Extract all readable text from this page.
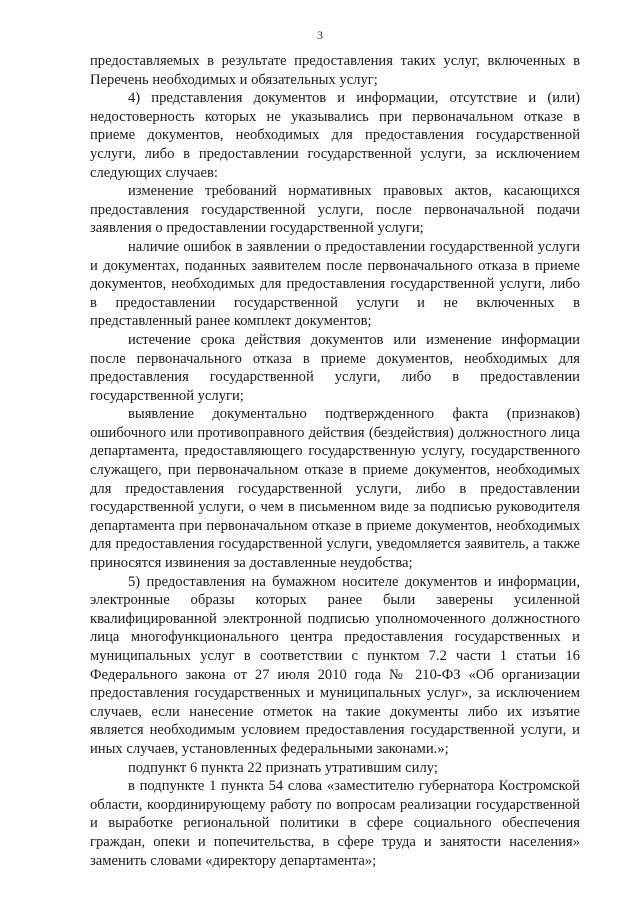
3

предоставляемых в результате предоставления таких услуг, включенных в Перечень необходимых и обязательных услуг;

4) представления документов и информации, отсутствие и (или) недостоверность которых не указывались при первоначальном отказе в приеме документов, необходимых для предоставления государственной услуги, либо в предоставлении государственной услуги, за исключением следующих случаев:

изменение требований нормативных правовых актов, касающихся предоставления государственной услуги, после первоначальной подачи заявления о предоставлении государственной услуги;

наличие ошибок в заявлении о предоставлении государственной услуги и документах, поданных заявителем после первоначального отказа в приеме документов, необходимых для предоставления государственной услуги, либо в предоставлении государственной услуги и не включенных в представленный ранее комплект документов;

истечение срока действия документов или изменение информации после первоначального отказа в приеме документов, необходимых для предоставления государственной услуги, либо в предоставлении государственной услуги;

выявление документально подтвержденного факта (признаков) ошибочного или противоправного действия (бездействия) должностного лица департамента, предоставляющего государственную услугу, государственного служащего, при первоначальном отказе в приеме документов, необходимых для предоставления государственной услуги, либо в предоставлении государственной услуги, о чем в письменном виде за подписью руководителя департамента при первоначальном отказе в приеме документов, необходимых для предоставления государственной услуги, уведомляется заявитель, а также приносятся извинения за доставленные неудобства;

5) предоставления на бумажном носителе документов и информации, электронные образы которых ранее были заверены усиленной квалифицированной электронной подписью уполномоченного должностного лица многофункционального центра предоставления государственных и муниципальных услуг в соответствии с пунктом 7.2 части 1 статьи 16 Федерального закона от 27 июля 2010 года № 210-ФЗ «Об организации предоставления государственных и муниципальных услуг», за исключением случаев, если нанесение отметок на такие документы либо их изъятие является необходимым условием предоставления государственной услуги, и иных случаев, установленных федеральными законами.»;

подпункт 6 пункта 22 признать утратившим силу;

в подпункте 1 пункта 54 слова «заместителю губернатора Костромской области, координирующему работу по вопросам реализации государственной и выработке региональной политики в сфере социального обеспечения граждан, опеки и попечительства, в сфере труда и занятости населения» заменить словами «директору департамента»;
